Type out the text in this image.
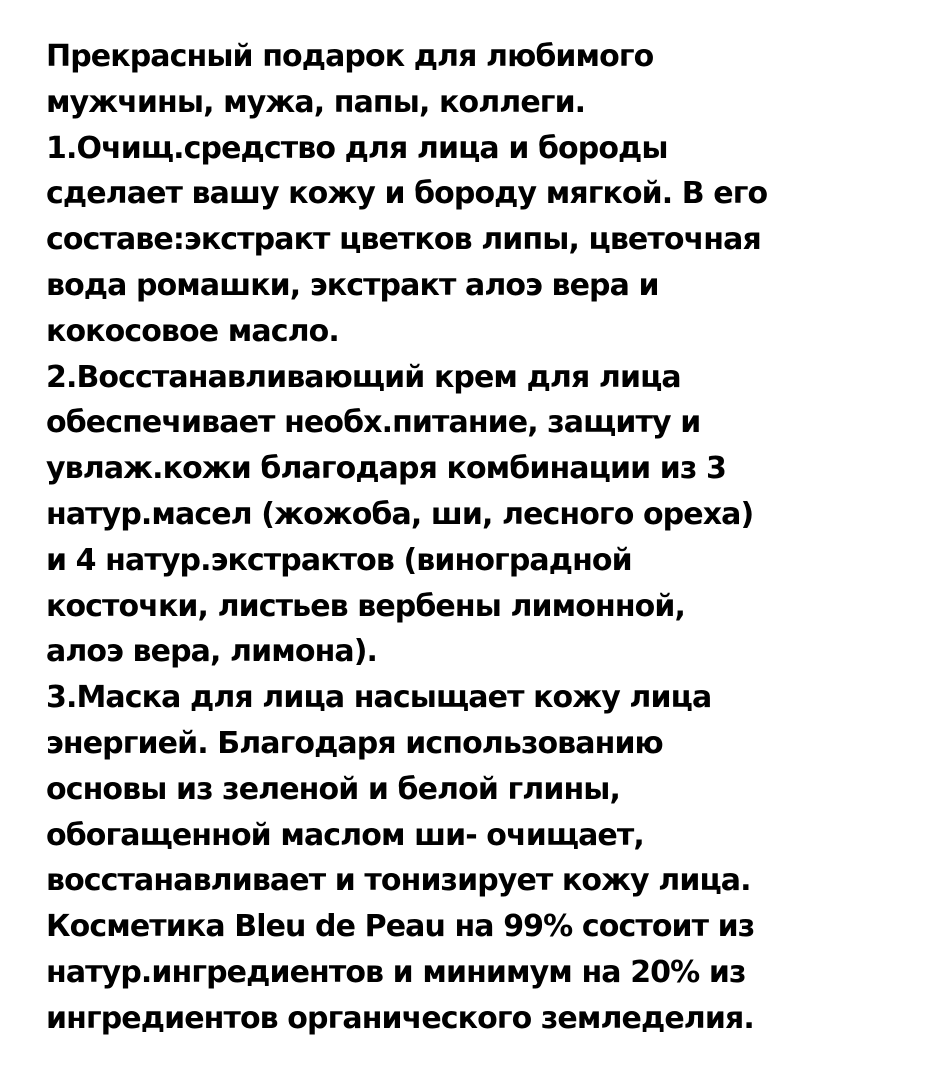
Прекрасный подарок для любимого
мужчины, мужа, папы, коллеги.
1.Очищ.средство для лица и бороды
сделает вашу кожу и бороду мягкой. В его
составе:экстракт цветков липы, цветочная
вода ромашки, экстракт алоэ вера и
кокосовое масло.
2.Восстанавливающий крем для лица
обеспечивает необх.питание, защиту и
увлаж.кожи благодаря комбинации из 3
натур.масел (жожоба, ши, лесного ореха)
и 4 натур.экстрактов (виноградной
косточки, листьев вербены лимонной,
алоэ вера, лимона).
3.Маска для лица насыщает кожу лица
энергией. Благодаря использованию
основы из зеленой и белой глины,
обогащенной маслом ши- очищает,
восстанавливает и тонизирует кожу лица.
Косметика Bleu de Peau на 99% состоит из
натур.ингредиентов и минимум на 20% из
ингредиентов органического земледелия.
